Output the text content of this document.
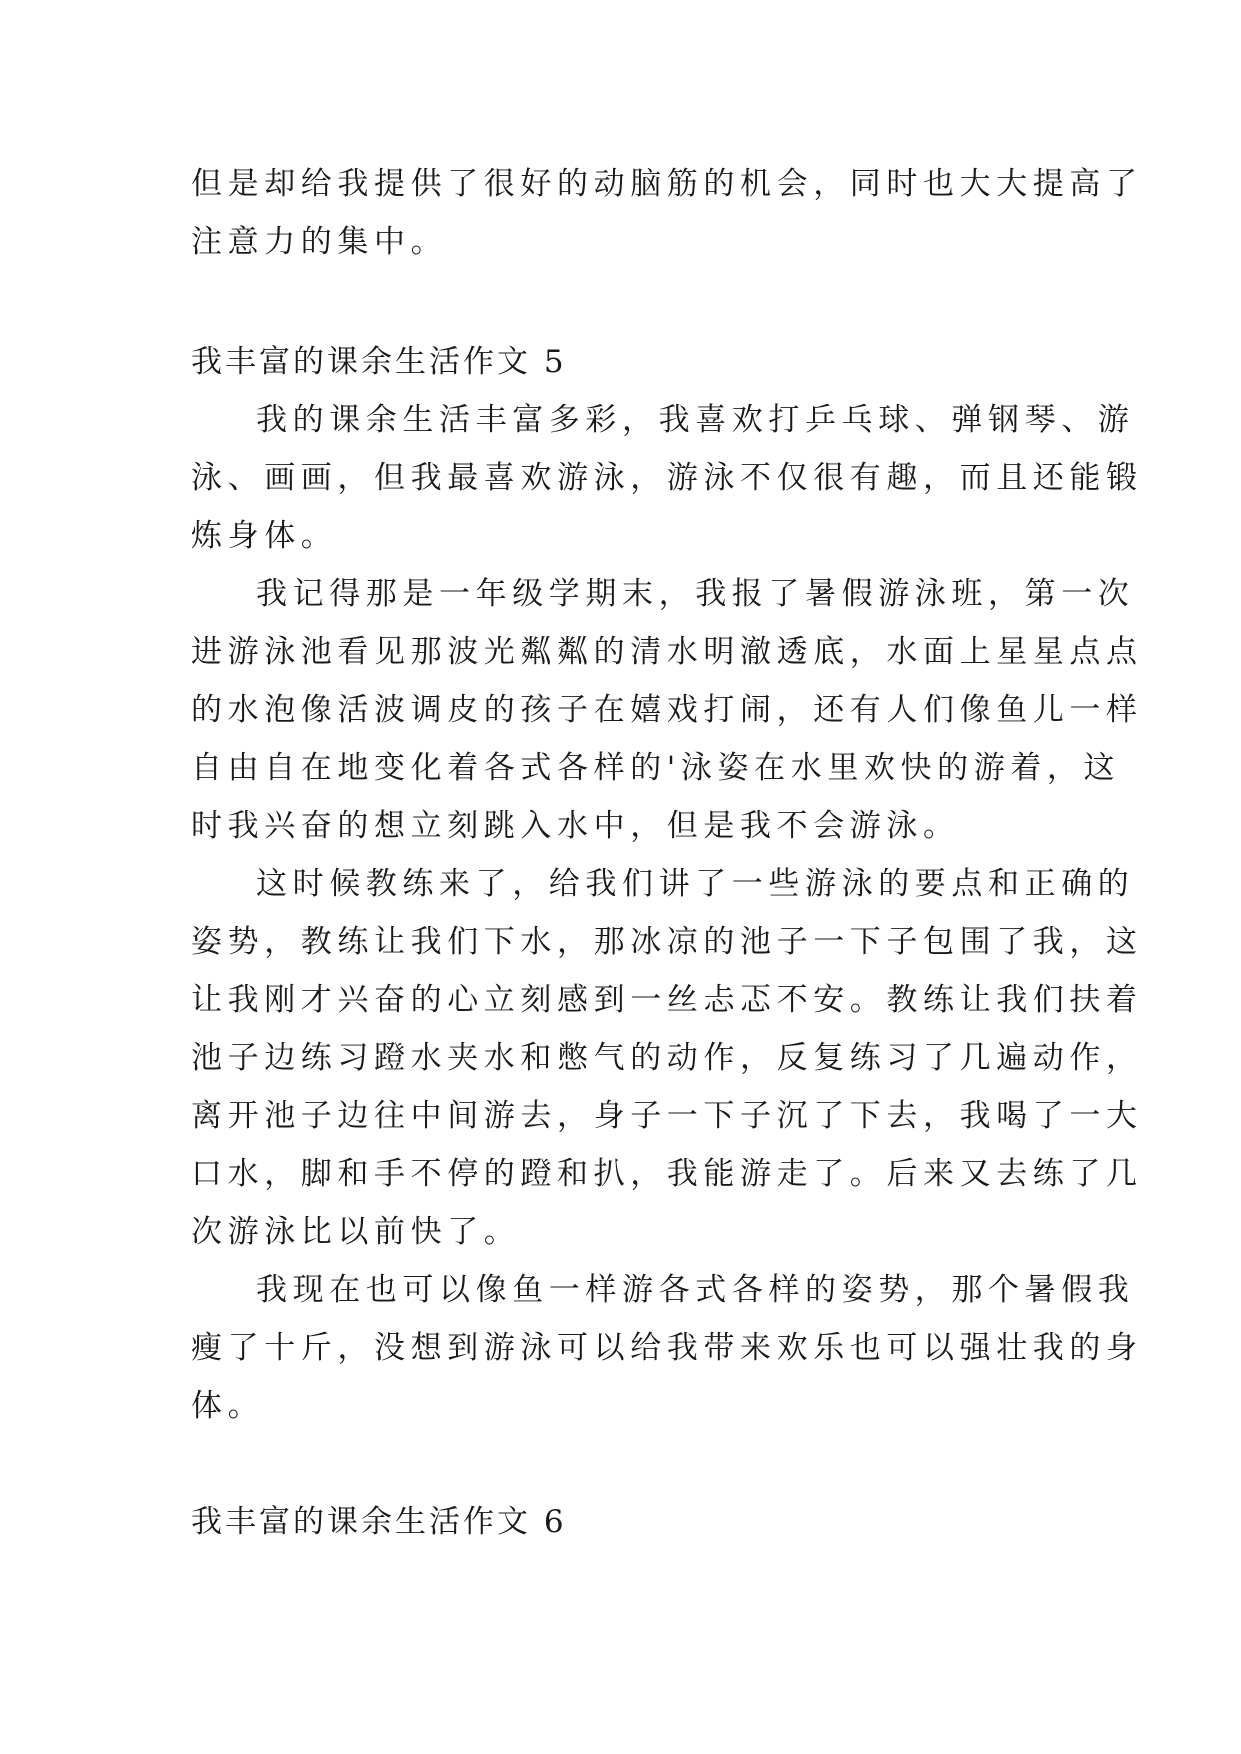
但是却给我提供了很好的动脑筋的机会，同时也大大提高了
注意力的集中。
我丰富的课余生活作文 5
我的课余生活丰富多彩，我喜欢打乒乓球、弹钢琴、游
泳、画画，但我最喜欢游泳，游泳不仅很有趣，而且还能锻
炼身体。
我记得那是一年级学期末，我报了暑假游泳班，第一次
进游泳池看见那波光粼粼的清水明澈透底，水面上星星点点
的水泡像活波调皮的孩子在嬉戏打闹，还有人们像鱼儿一样
自由自在地变化着各式各样的'泳姿在水里欢快的游着，这
时我兴奋的想立刻跳入水中，但是我不会游泳。
这时候教练来了，给我们讲了一些游泳的要点和正确的
姿势，教练让我们下水，那冰凉的池子一下子包围了我，这
让我刚才兴奋的心立刻感到一丝忐忑不安。教练让我们扶着
池子边练习蹬水夹水和憋气的动作，反复练习了几遍动作，
离开池子边往中间游去，身子一下子沉了下去，我喝了一大
口水，脚和手不停的蹬和扒，我能游走了。后来又去练了几
次游泳比以前快了。
我现在也可以像鱼一样游各式各样的姿势，那个暑假我
瘦了十斤，没想到游泳可以给我带来欢乐也可以强壮我的身
体。
我丰富的课余生活作文 6
